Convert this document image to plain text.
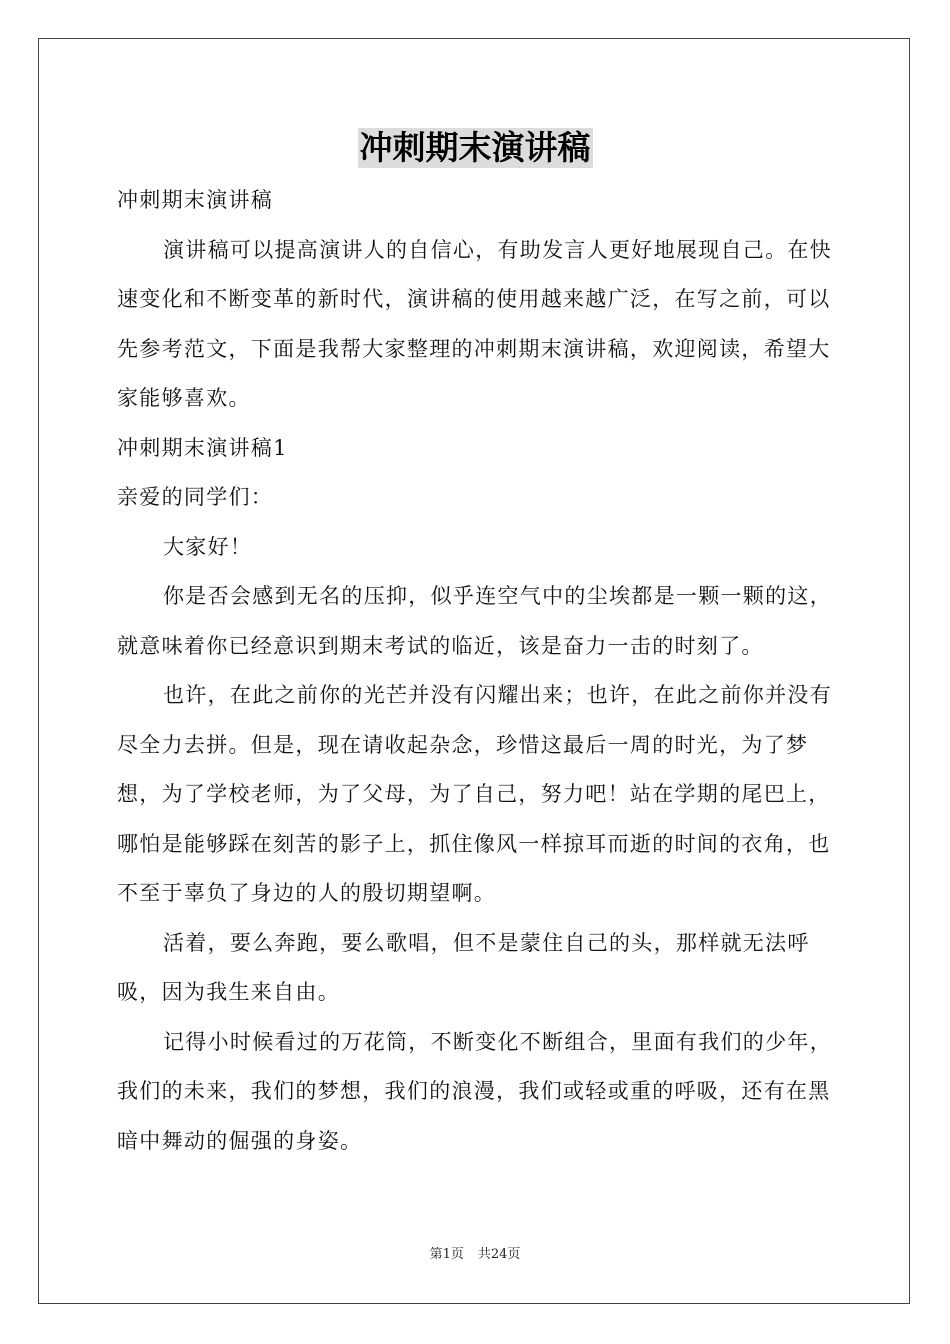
冲刺期末演讲稿

冲刺期末演讲稿

演讲稿可以提高演讲人的自信心，有助发言人更好地展现自己。在快速变化和不断变革的新时代，演讲稿的使用越来越广泛，在写之前，可以先参考范文，下面是我帮大家整理的冲刺期末演讲稿，欢迎阅读，希望大家能够喜欢。

冲刺期末演讲稿1

亲爱的同学们：

大家好！

你是否会感到无名的压抑，似乎连空气中的尘埃都是一颗一颗的这，就意味着你已经意识到期末考试的临近，该是奋力一击的时刻了。

也许，在此之前你的光芒并没有闪耀出来；也许，在此之前你并没有尽全力去拼。但是，现在请收起杂念，珍惜这最后一周的时光，为了梦想，为了学校老师，为了父母，为了自己，努力吧！站在学期的尾巴上，哪怕是能够踩在刻苦的影子上，抓住像风一样掠耳而逝的时间的衣角，也不至于辜负了身边的人的殷切期望啊。

活着，要么奔跑，要么歌唱，但不是蒙住自己的头，那样就无法呼吸，因为我生来自由。

记得小时候看过的万花筒，不断变化不断组合，里面有我们的少年，我们的未来，我们的梦想，我们的浪漫，我们或轻或重的呼吸，还有在黑暗中舞动的倔强的身姿。

第1页 共24页
